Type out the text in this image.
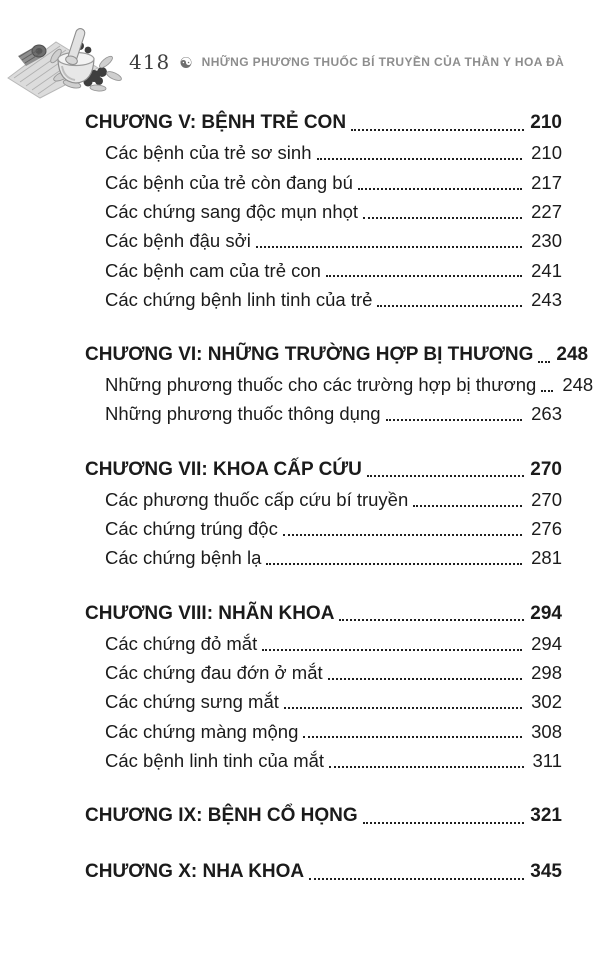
418 ☯ NHỮNG PHƯƠNG THUỐC BÍ TRUYỀN CỦA THẦN Y HOA ĐÀ
CHƯƠNG V: BỆNH TRẺ CON	210
Các bệnh của trẻ sơ sinh	210
Các bệnh của trẻ còn đang bú	217
Các chứng sang độc mụn nhọt	227
Các bệnh đậu sởi	230
Các bệnh cam của trẻ con	241
Các chứng bệnh linh tinh của trẻ	243
CHƯƠNG VI: NHỮNG TRƯỜNG HỢP BỊ THƯƠNG 248
Những phương thuốc cho các trường hợp bị thương 248
Những phương thuốc thông dụng	263
CHƯƠNG VII: KHOA CẤP CỨU	270
Các phương thuốc cấp cứu bí truyền	270
Các chứng trúng độc	276
Các chứng bệnh lạ	281
CHƯƠNG VIII: NHÃN KHOA	294
Các chứng đỏ mắt	294
Các chứng đau đớn ở mắt	298
Các chứng sưng mắt	302
Các chứng màng mộng	308
Các bệnh linh tinh của mắt	311
CHƯƠNG IX: BỆNH CỔ HỌNG	321
CHƯƠNG X: NHA KHOA	345
